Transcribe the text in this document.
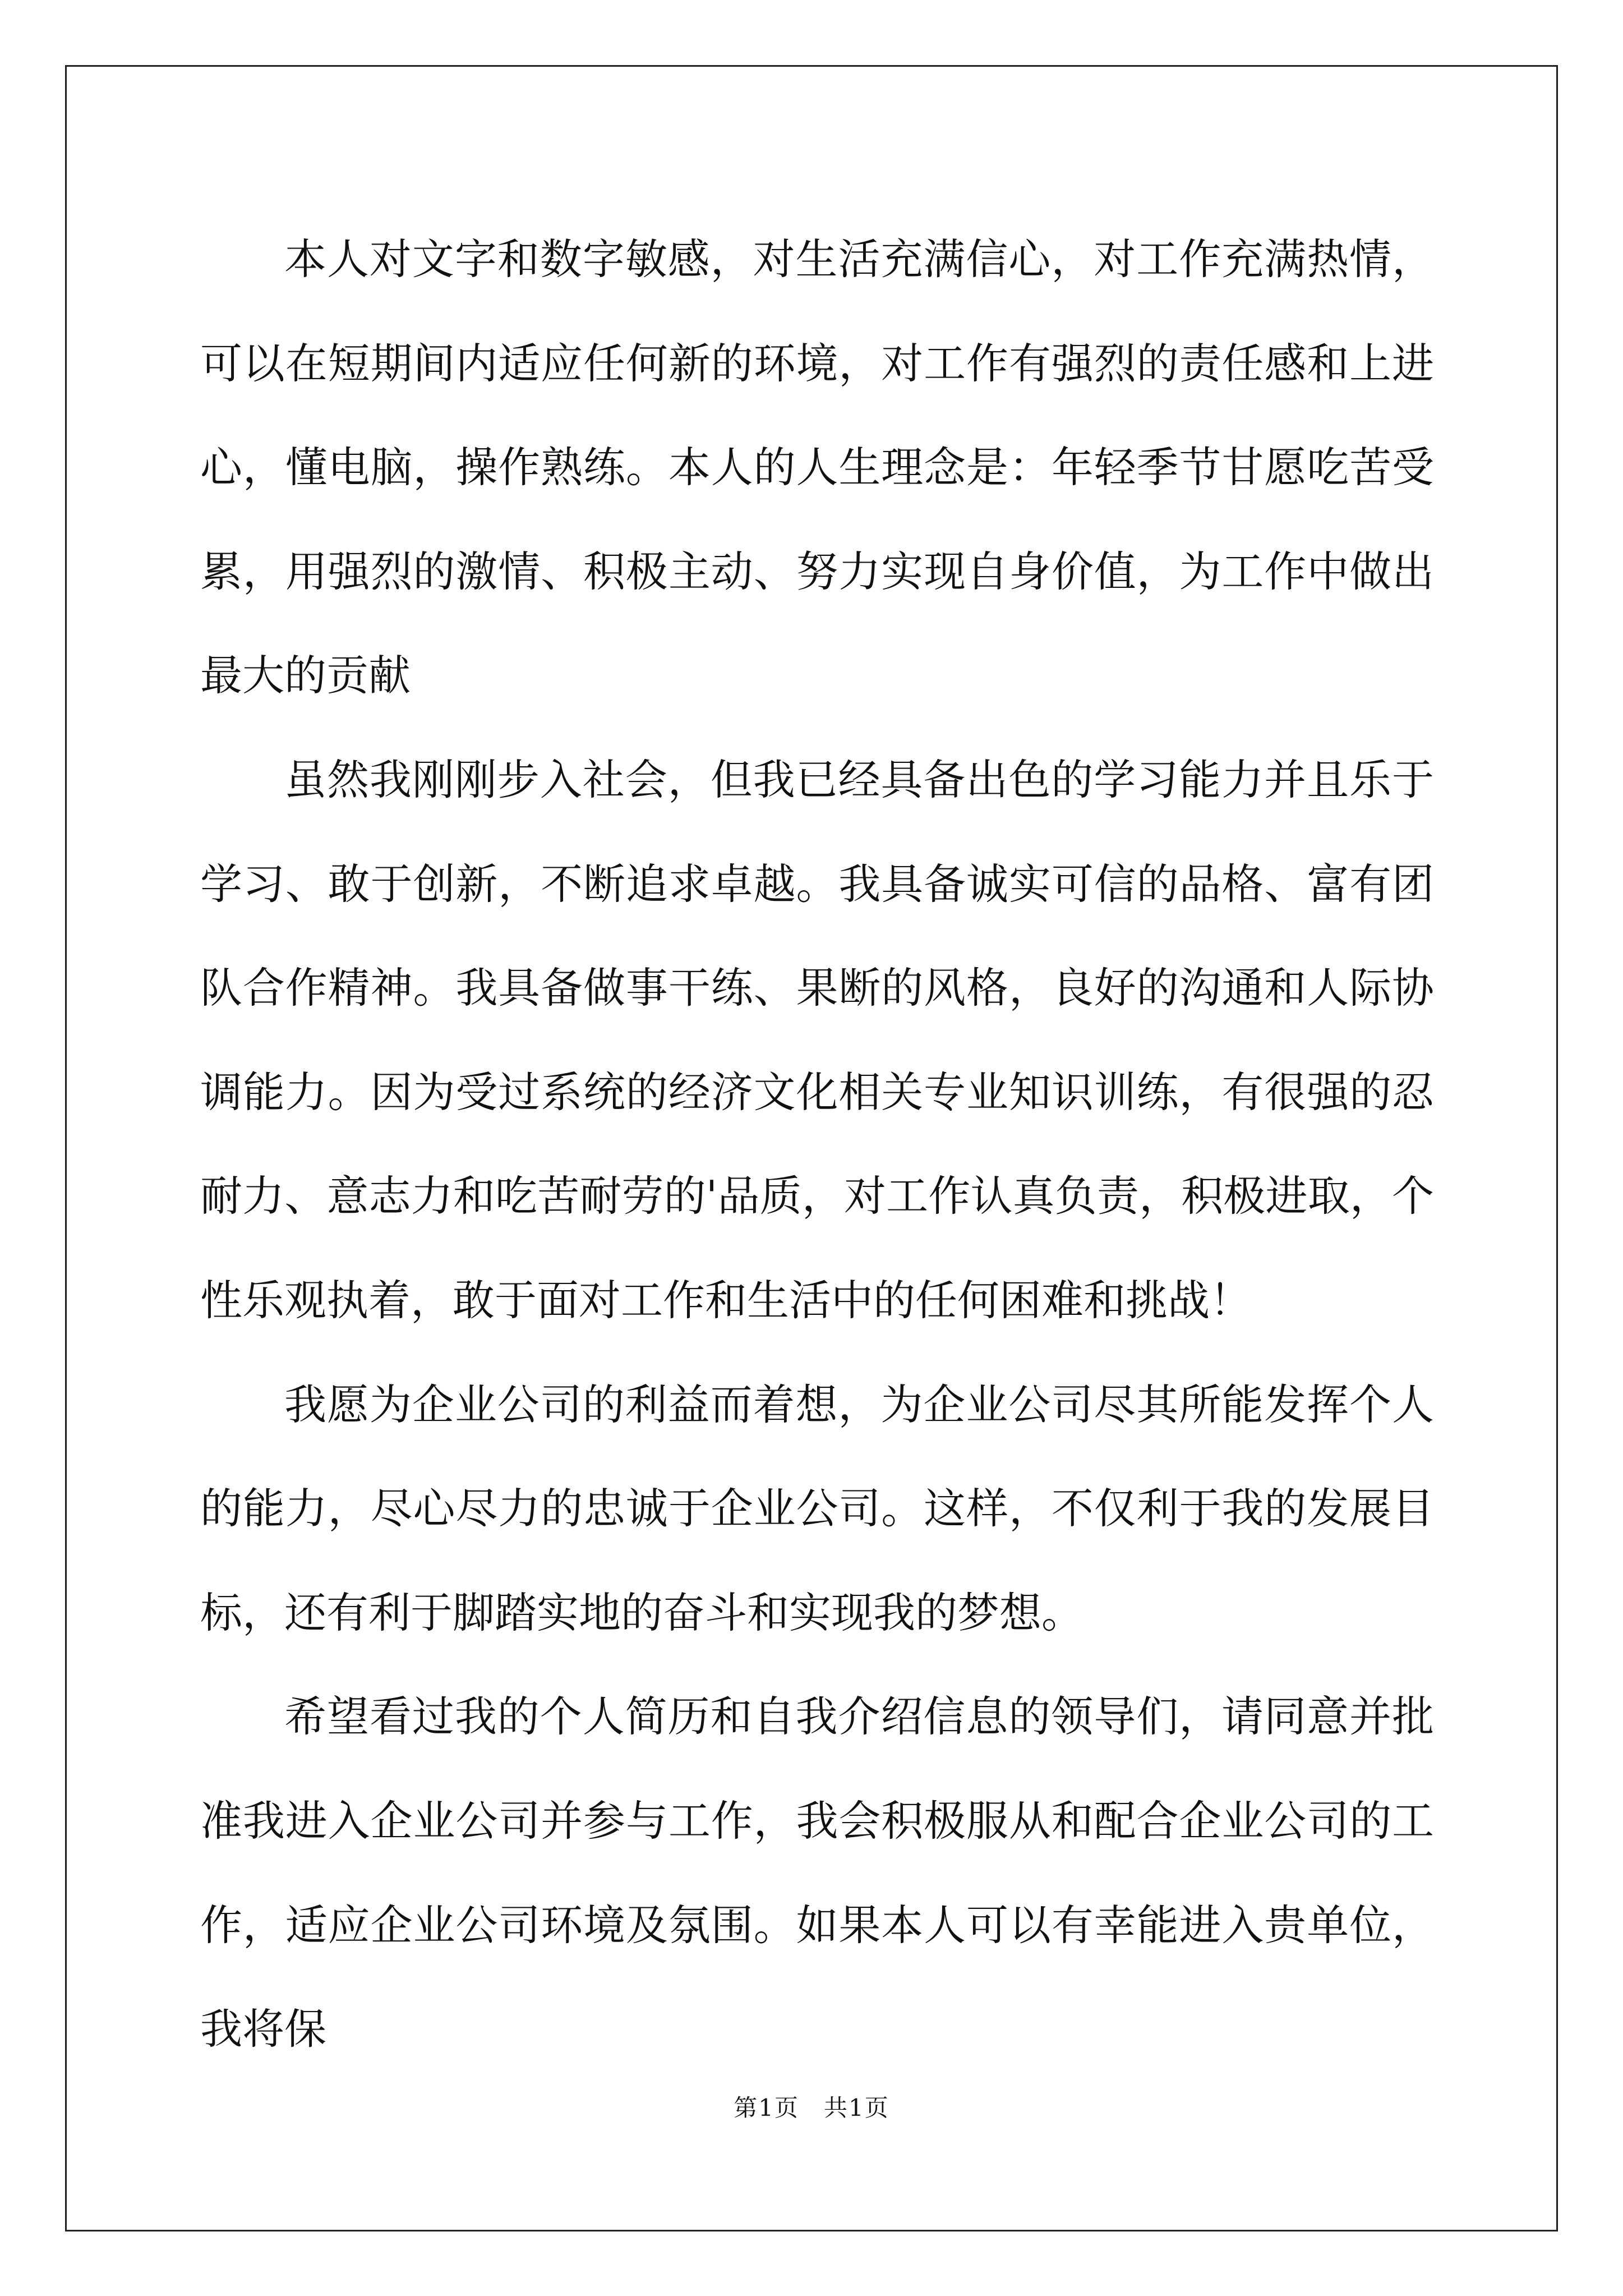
本人对文字和数字敏感，对生活充满信心，对工作充满热情，可以在短期间内适应任何新的环境，对工作有强烈的责任感和上进心，懂电脑，操作熟练。本人的人生理念是：年轻季节甘愿吃苦受累，用强烈的激情、积极主动、努力实现自身价值，为工作中做出最大的贡献

虽然我刚刚步入社会，但我已经具备出色的学习能力并且乐于学习、敢于创新，不断追求卓越。我具备诚实可信的品格、富有团队合作精神。我具备做事干练、果断的风格，良好的沟通和人际协调能力。因为受过系统的经济文化相关专业知识训练，有很强的忍耐力、意志力和吃苦耐劳的'品质，对工作认真负责，积极进取，个性乐观执着，敢于面对工作和生活中的任何困难和挑战！

我愿为企业公司的利益而着想，为企业公司尽其所能发挥个人的能力，尽心尽力的忠诚于企业公司。这样，不仅利于我的发展目标，还有利于脚踏实地的奋斗和实现我的梦想。

希望看过我的个人简历和自我介绍信息的领导们，请同意并批准我进入企业公司并参与工作，我会积极服从和配合企业公司的工作，适应企业公司环境及氛围。如果本人可以有幸能进入贵单位，我将保

第1页　共1页
